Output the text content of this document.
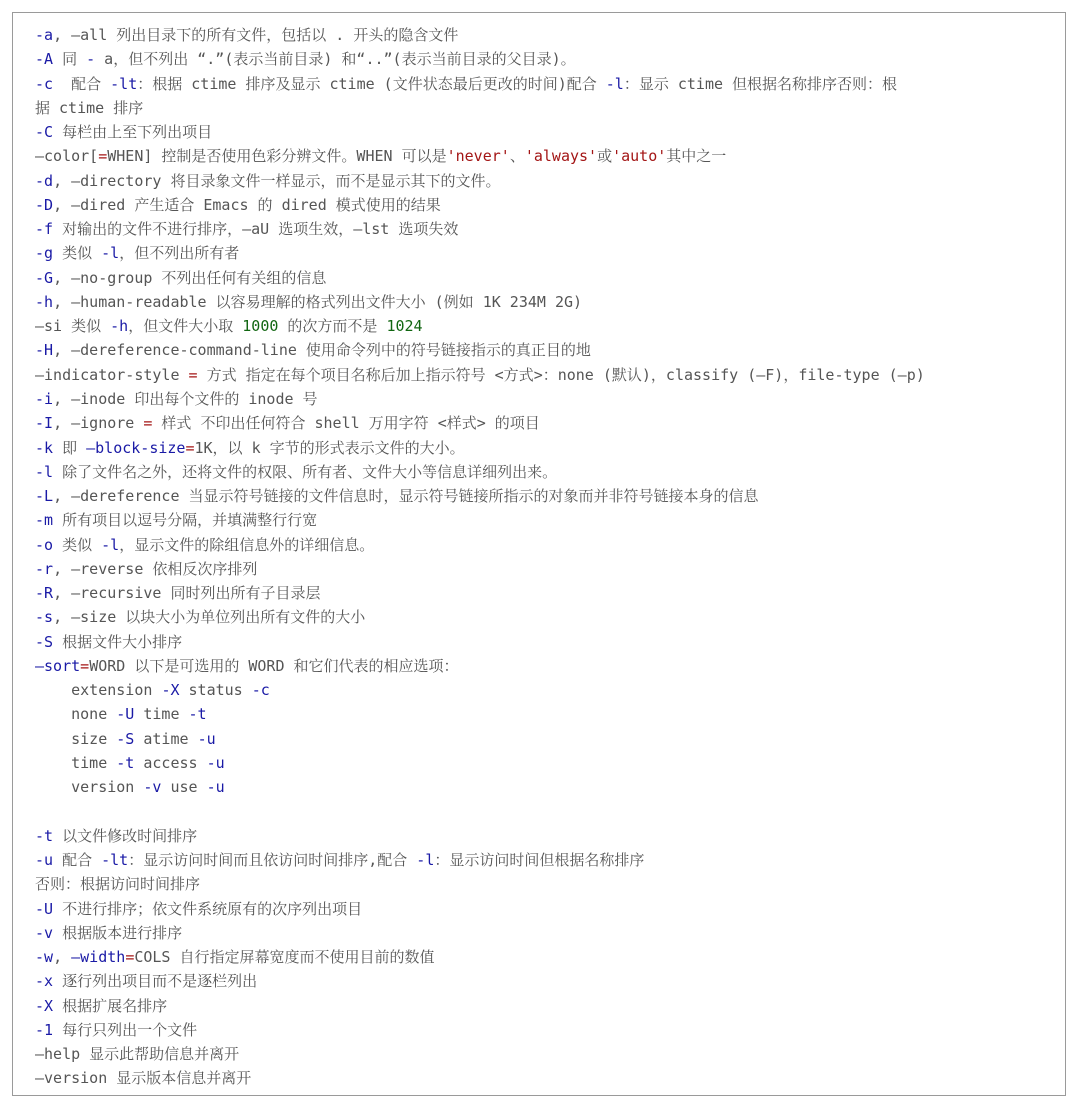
-a, —all 列出目录下的所有文件，包括以 . 开头的隐含文件
-A 同 - a，但不列出 “.”(表示当前目录) 和“..”(表示当前目录的父目录)。
-c  配合 -lt：根据 ctime 排序及显示 ctime (文件状态最后更改的时间)配合 -l：显示 ctime 但根据名称排序否则：根
据 ctime 排序
-C 每栏由上至下列出项目
—color[=WHEN] 控制是否使用色彩分辨文件。WHEN 可以是'never'、'always'或'auto'其中之一
-d, —directory 将目录象文件一样显示，而不是显示其下的文件。
-D, —dired 产生适合 Emacs 的 dired 模式使用的结果
-f 对输出的文件不进行排序，—aU 选项生效，—lst 选项失效
-g 类似 -l，但不列出所有者
-G, —no-group 不列出任何有关组的信息
-h, —human-readable 以容易理解的格式列出文件大小 (例如 1K 234M 2G)
—si 类似 -h，但文件大小取 1000 的次方而不是 1024
-H, —dereference-command-line 使用命令列中的符号链接指示的真正目的地
—indicator-style = 方式 指定在每个项目名称后加上指示符号 <方式>：none (默认)，classify (—F)，file-type (—p)
-i, —inode 印出每个文件的 inode 号
-I, —ignore = 样式 不印出任何符合 shell 万用字符 <样式> 的项目
-k 即 —block-size=1K，以 k 字节的形式表示文件的大小。
-l 除了文件名之外，还将文件的权限、所有者、文件大小等信息详细列出来。
-L, —dereference 当显示符号链接的文件信息时，显示符号链接所指示的对象而并非符号链接本身的信息
-m 所有项目以逗号分隔，并填满整行行宽
-o 类似 -l，显示文件的除组信息外的详细信息。
-r, —reverse 依相反次序排列
-R, —recursive 同时列出所有子目录层
-s, —size 以块大小为单位列出所有文件的大小
-S 根据文件大小排序
—sort=WORD 以下是可选用的 WORD 和它们代表的相应选项：
extension -X status -c
none -U time -t
size -S atime -u
time -t access -u
version -v use -u
-t 以文件修改时间排序
-u 配合 -lt：显示访问时间而且依访问时间排序,配合 -l：显示访问时间但根据名称排序
否则：根据访问时间排序
-U 不进行排序；依文件系统原有的次序列出项目
-v 根据版本进行排序
-w, —width=COLS 自行指定屏幕宽度而不使用目前的数值
-x 逐行列出项目而不是逐栏列出
-X 根据扩展名排序
-1 每行只列出一个文件
—help 显示此帮助信息并离开
—version 显示版本信息并离开
